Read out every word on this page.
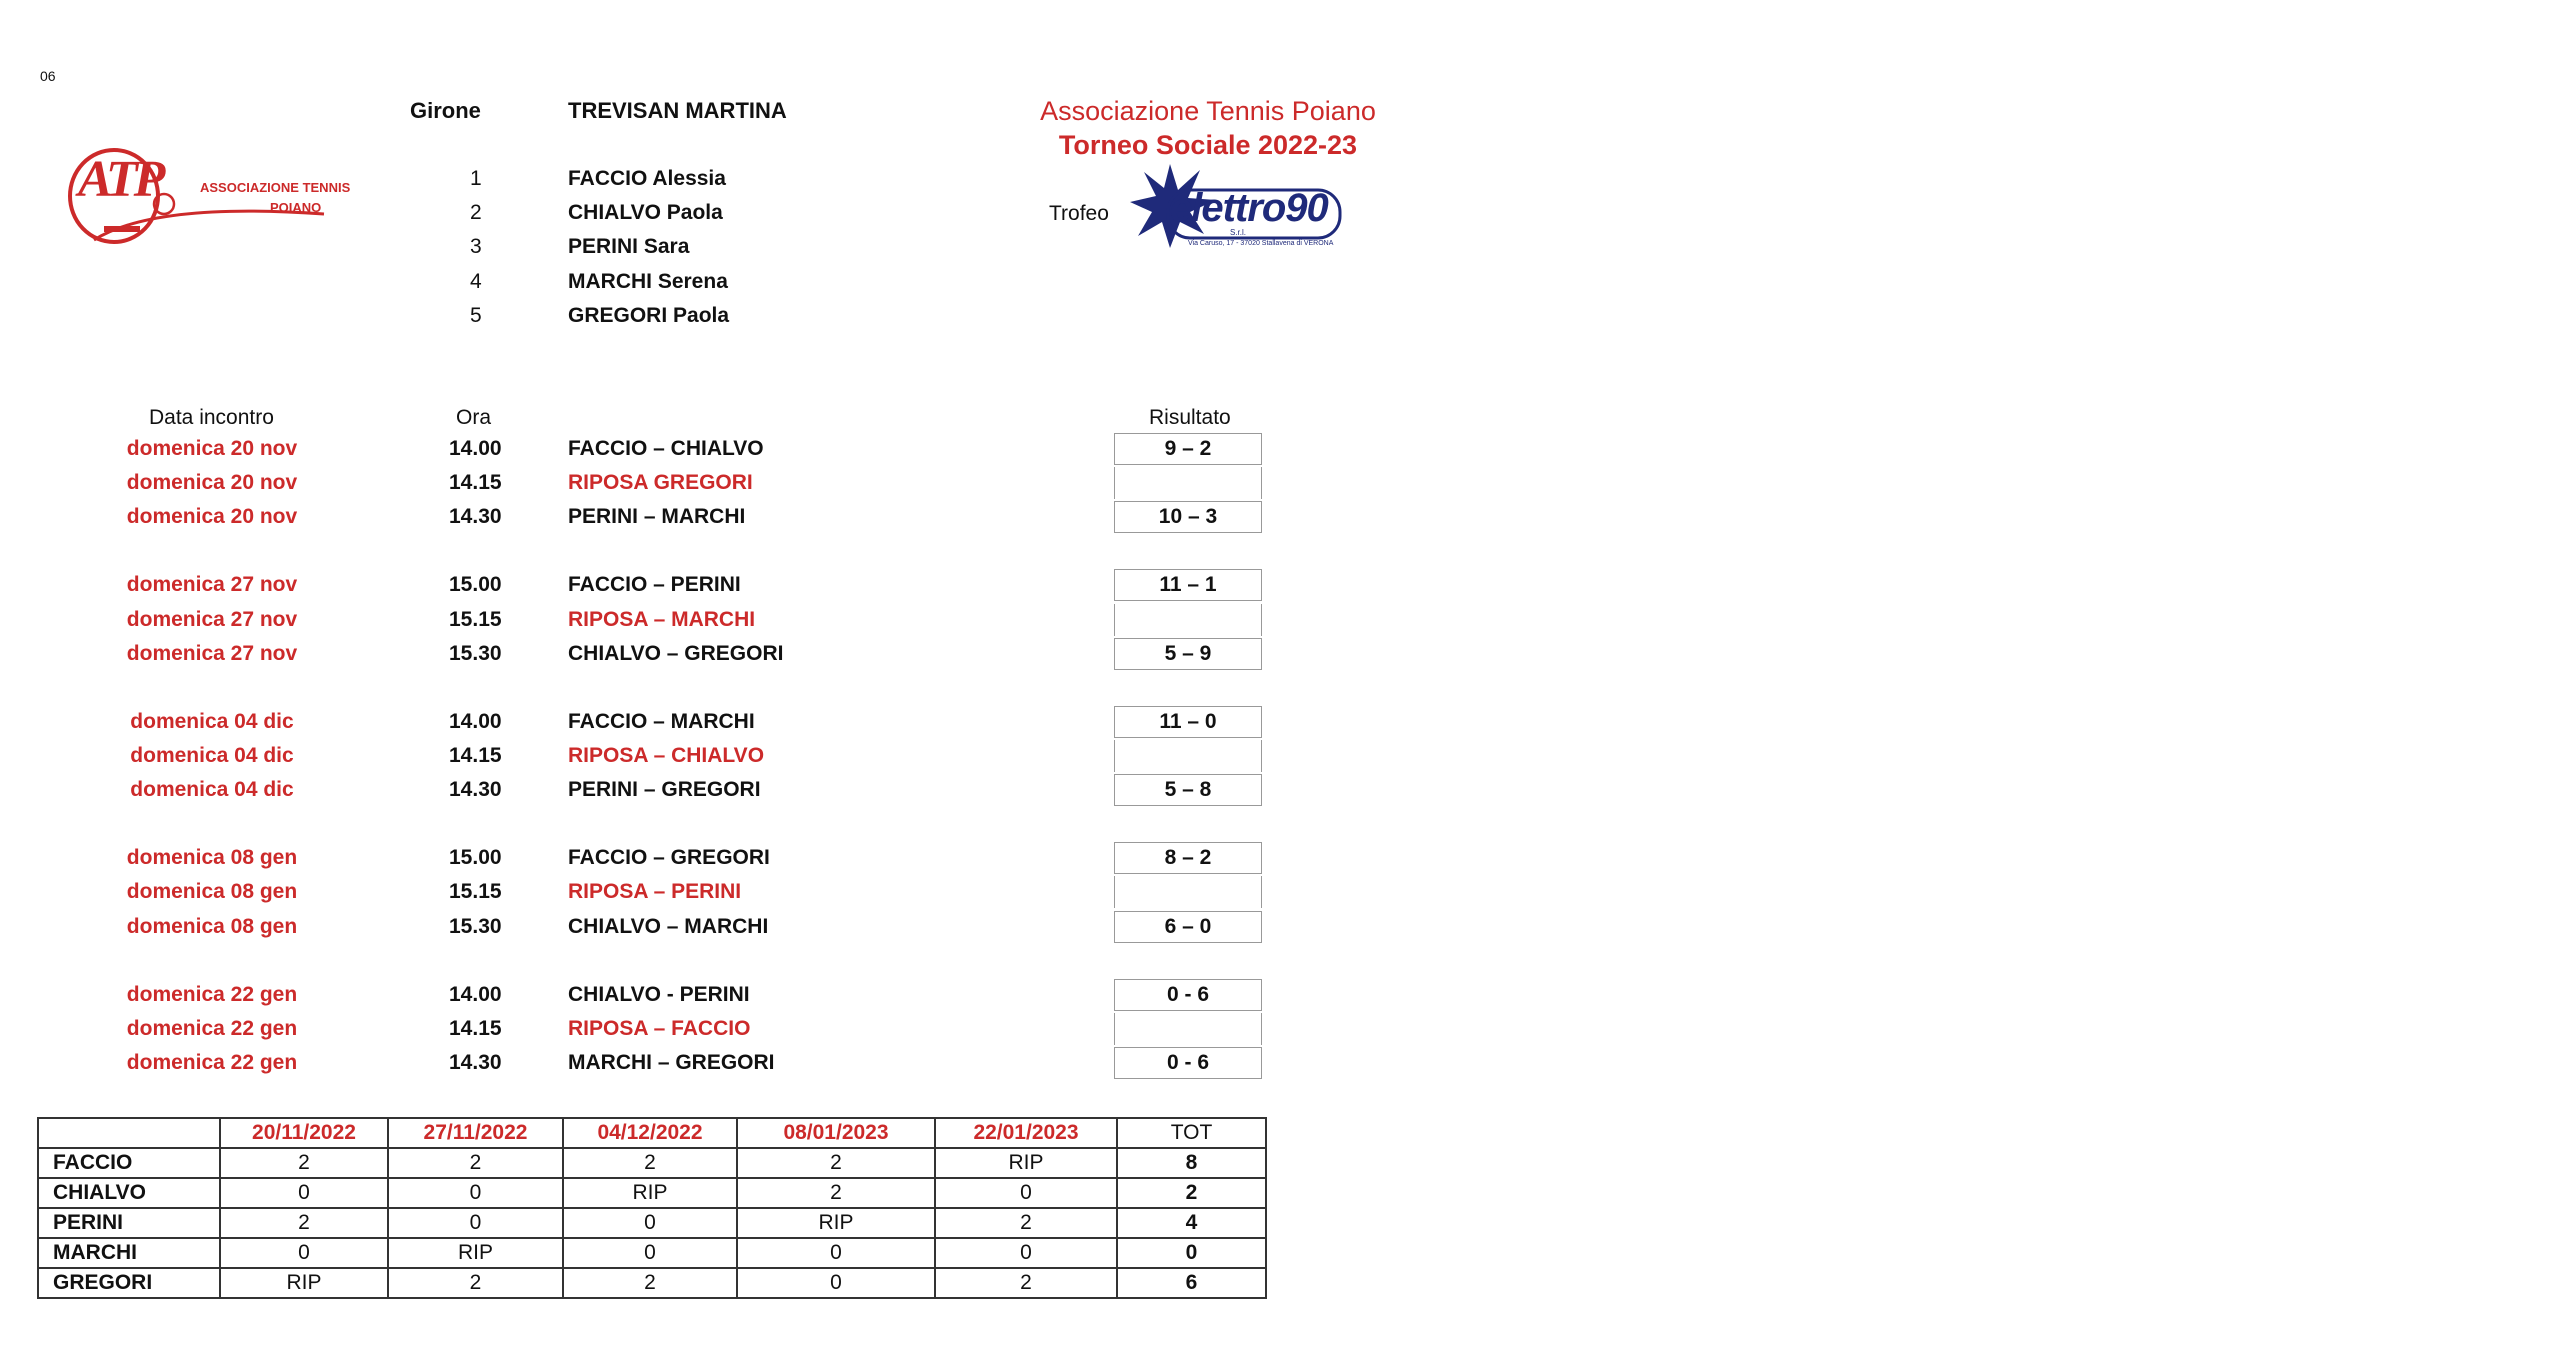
06
ATP	ASSOCIAZIONE TENNIS
POIANO
Girone	TREVISAN MARTINA
1	FACCIO Alessia
2	CHIALVO Paola
3	PERINI Sara
4	MARCHI Serena
5	GREGORI Paola
Associazione Tennis Poiano
Torneo Sociale 2022-23
Trofeo elettro90
S.r.l.
Via Caruso, 17 - 37020 Stallavena di VERONA
Data incontro	Ora	Risultato
domenica 20 nov	14.00	FACCIO – CHIALVO	9 – 2
domenica 20 nov	14.15	RIPOSA GREGORI
domenica 20 nov	14.30	PERINI – MARCHI	10 – 3
domenica 27 nov	15.00	FACCIO – PERINI	11 – 1
domenica 27 nov	15.15	RIPOSA – MARCHI
domenica 27 nov	15.30	CHIALVO – GREGORI	5 – 9
domenica 04 dic	14.00	FACCIO – MARCHI	11 – 0
domenica 04 dic	14.15	RIPOSA – CHIALVO
domenica 04 dic	14.30	PERINI – GREGORI	5 – 8
domenica 08 gen	15.00	FACCIO – GREGORI	8 – 2
domenica 08 gen	15.15	RIPOSA – PERINI
domenica 08 gen	15.30	CHIALVO – MARCHI	6 – 0
domenica 22 gen	14.00	CHIALVO - PERINI	0 - 6
domenica 22 gen	14.15	RIPOSA – FACCIO
domenica 22 gen	14.30	MARCHI – GREGORI	0 - 6
	20/11/2022	27/11/2022	04/12/2022	08/01/2023	22/01/2023	TOT
FACCIO	2	2	2	2	RIP	8
CHIALVO	0	0	RIP	2	0	2
PERINI	2	0	0	RIP	2	4
MARCHI	0	RIP	0	0	0	0
GREGORI	RIP	2	2	0	2	6
